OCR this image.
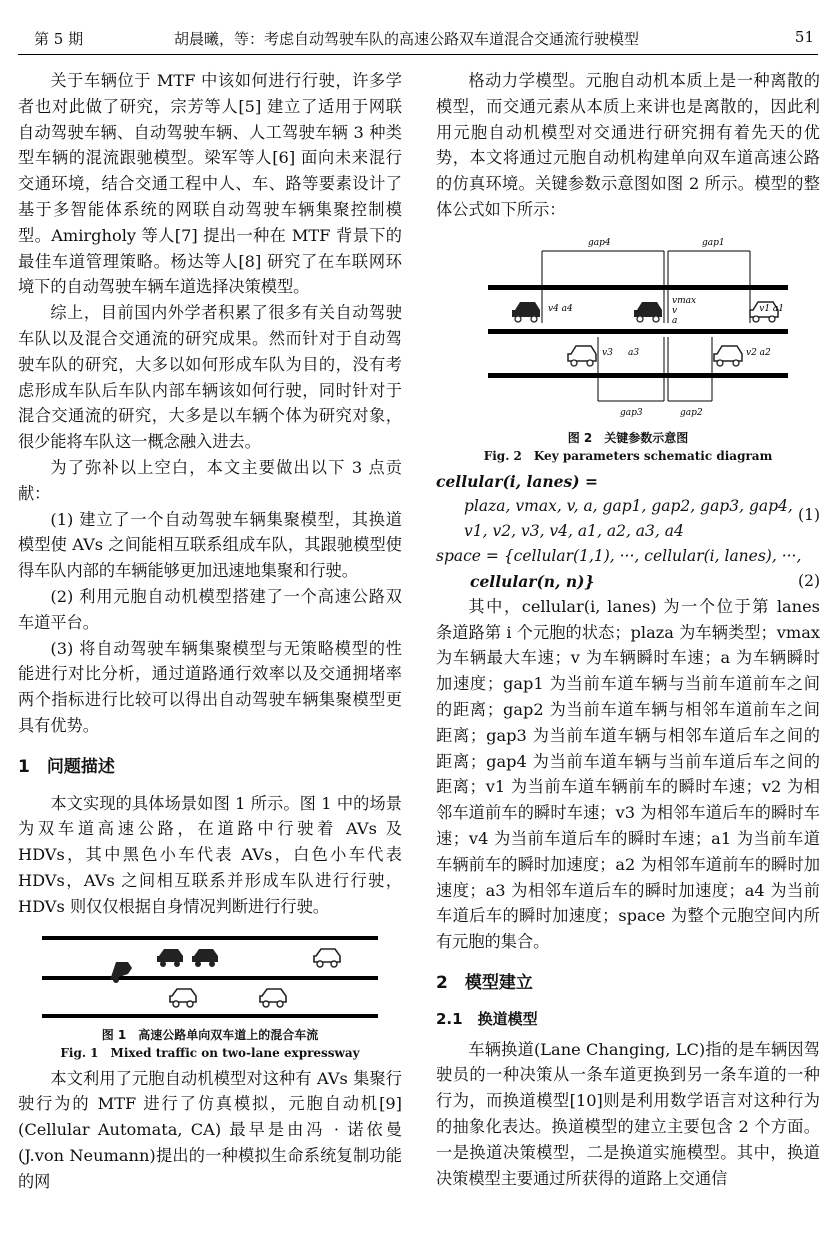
第 5 期	胡晨曦，等：考虑自动驾驶车队的高速公路双车道混合交通流行驶模型	51

关于车辆位于 MTF 中该如何进行行驶，许多学者也对此做了研究，宗芳等人[5] 建立了适用于网联自动驾驶车辆、自动驾驶车辆、人工驾驶车辆 3 种类型车辆的混流跟驰模型。梁军等人[6] 面向未来混行交通环境，结合交通工程中人、车、路等要素设计了基于多智能体系统的网联自动驾驶车辆集聚控制模型。Amirgholy 等人[7] 提出一种在 MTF 背景下的最佳车道管理策略。杨达等人[8] 研究了在车联网环境下的自动驾驶车辆车道选择决策模型。

综上，目前国内外学者积累了很多有关自动驾驶车队以及混合交通流的研究成果。然而针对于自动驾驶车队的研究，大多以如何形成车队为目的，没有考虑形成车队后车队内部车辆该如何行驶，同时针对于混合交通流的研究，大多是以车辆个体为研究对象，很少能将车队这一概念融入进去。

为了弥补以上空白，本文主要做出以下 3 点贡献：

(1) 建立了一个自动驾驶车辆集聚模型，其换道模型使 AVs 之间能相互联系组成车队，其跟驰模型使得车队内部的车辆能够更加迅速地集聚和行驶。

(2) 利用元胞自动机模型搭建了一个高速公路双车道平台。

(3) 将自动驾驶车辆集聚模型与无策略模型的性能进行对比分析，通过道路通行效率以及交通拥堵率两个指标进行比较可以得出自动驾驶车辆集聚模型更具有优势。

1　问题描述

本文实现的具体场景如图 1 所示。图 1 中的场景为双车道高速公路，在道路中行驶着 AVs 及 HDVs，其中黑色小车代表 AVs，白色小车代表 HDVs，AVs 之间相互联系并形成车队进行行驶，HDVs 则仅仅根据自身情况判断进行行驶。

图 1　高速公路单向双车道上的混合车流
Fig. 1　Mixed traffic on two-lane expressway

本文利用了元胞自动机模型对这种有 AVs 集聚行驶行为的 MTF 进行了仿真模拟，元胞自动机[9] (Cellular Automata, CA) 最早是由冯 · 诺依曼(J.von Neumann)提出的一种模拟生命系统复制功能的网

格动力学模型。元胞自动机本质上是一种离散的模型，而交通元素从本质上来讲也是离散的，因此利用元胞自动机模型对交通进行研究拥有着先天的优势，本文将通过元胞自动机构建单向双车道高速公路的仿真环境。关键参数示意图如图 2 所示。模型的整体公式如下所示：

gap4	gap1
gap3	gap2
v4 a4
vmax
v
a
v1 a1
v3 a3	v2 a2
图 2　关键参数示意图
Fig. 2　Key parameters schematic diagram
cellular(i, lanes) =
plaza, vmax, v, a, gap1, gap2, gap3, gap4,
v1, v2, v3, v4, a1, a2, a3, a4
(1)
space = {cellular(1,1), ···, cellular(i, lanes), ···,
cellular(n, n)}	(2)

其中，cellular(i, lanes) 为一个位于第 lanes 条道路第 i 个元胞的状态；plaza 为车辆类型；vmax 为车辆最大车速；v 为车辆瞬时车速；a 为车辆瞬时加速度；gap1 为当前车道车辆与当前车道前车之间的距离；gap2 为当前车道车辆与相邻车道前车之间距离；gap3 为当前车道车辆与相邻车道后车之间的距离；gap4 为当前车道车辆与当前车道后车之间的距离；v1 为当前车道车辆前车的瞬时车速；v2 为相邻车道前车的瞬时车速；v3 为相邻车道后车的瞬时车速；v4 为当前车道后车的瞬时车速；a1 为当前车道车辆前车的瞬时加速度；a2 为相邻车道前车的瞬时加速度；a3 为相邻车道后车的瞬时加速度；a4 为当前车道后车的瞬时加速度；space 为整个元胞空间内所有元胞的集合。

2　模型建立
2.1　换道模型

车辆换道(Lane Changing, LC)指的是车辆因驾驶员的一种决策从一条车道更换到另一条车道的一种行为，而换道模型[10]则是利用数学语言对这种行为的抽象化表达。换道模型的建立主要包含 2 个方面。一是换道决策模型，二是换道实施模型。其中，换道决策模型主要通过所获得的道路上交通信
